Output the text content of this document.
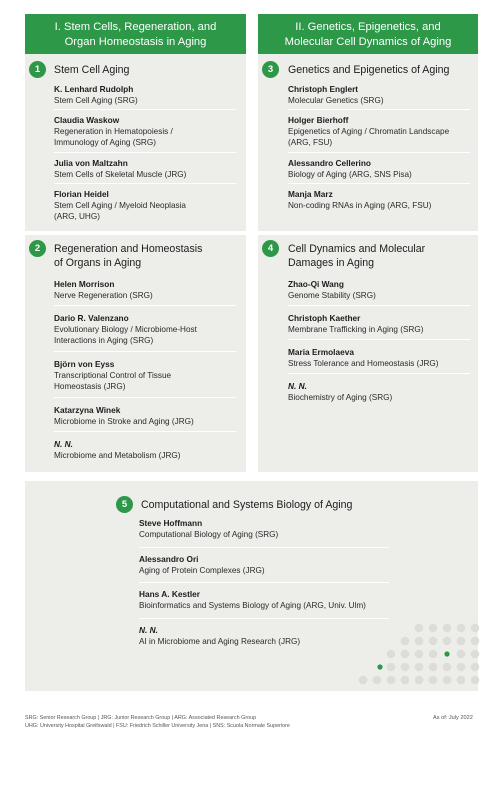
I. Stem Cells, Regeneration, and
Organ Homeostasis in Aging
II. Genetics, Epigenetics, and
Molecular Cell Dynamics of Aging
1	Stem Cell Aging
K. Lenhard Rudolph
Stem Cell Aging (SRG)
Claudia Waskow
Regeneration in Hematopoiesis /
Immunology of Aging (SRG)
Julia von Maltzahn
Stem Cells of Skeletal Muscle (JRG)
Florian Heidel
Stem Cell Aging / Myeloid Neoplasia
(ARG, UHG)
3	Genetics and Epigenetics of Aging
Christoph Englert
Molecular Genetics (SRG)
Holger Bierhoff
Epigenetics of Aging / Chromatin Landscape
(ARG, FSU)
Alessandro Cellerino
Biology of Aging (ARG, SNS Pisa)
Manja Marz
Non-coding RNAs in Aging (ARG, FSU)
2	Regeneration and Homeostasis
of Organs in Aging
Helen Morrison
Nerve Regeneration (SRG)
Dario R. Valenzano
Evolutionary Biology / Microbiome-Host
Interactions in Aging (SRG)
Björn von Eyss
Transcriptional Control of Tissue
Homeostasis (JRG)
Katarzyna Winek
Microbiome in Stroke and Aging (JRG)
N. N.
Microbiome and Metabolism (JRG)
4	Cell Dynamics and Molecular
Damages in Aging
Zhao-Qi Wang
Genome Stability (SRG)
Christoph Kaether
Membrane Trafficking in Aging (SRG)
Maria Ermolaeva
Stress Tolerance and Homeostasis (JRG)
N. N.
Biochemistry of Aging (SRG)
5	Computational and Systems Biology of Aging
Steve Hoffmann
Computational Biology of Aging (SRG)
Alessandro Ori
Aging of Protein Complexes (JRG)
Hans A. Kestler
Bioinformatics and Systems Biology of Aging (ARG, Univ. Ulm)
N. N.
AI in Microbiome and Aging Research (JRG)
SRG: Senior Research Group | JRG: Junior Research Group | ARG: Associated Research Group
UHG: University Hospital Greifswald | FSU: Friedrich Schiller University Jena | SNS: Scuola Normale Superiore
As of: July 2022
